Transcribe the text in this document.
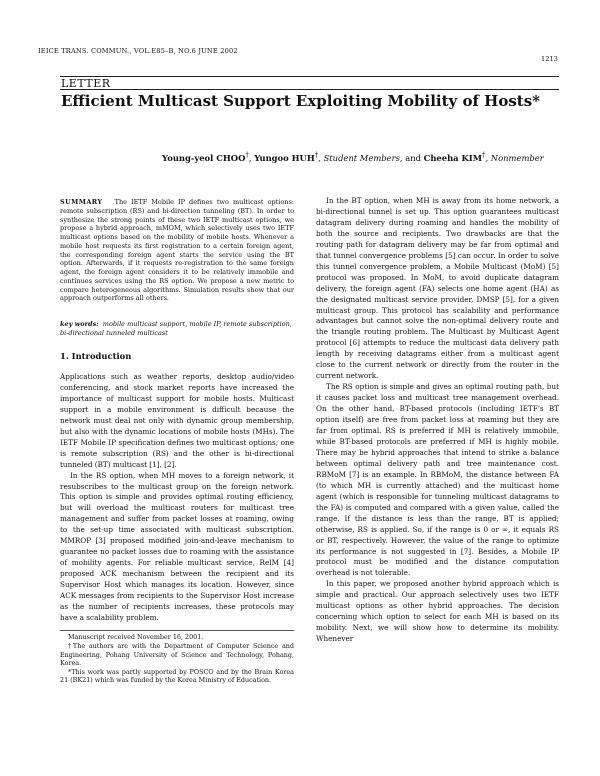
IEICE TRANS. COMMUN., VOL.E85–B, NO.6 JUNE 2002
1213
LETTER
Efficient Multicast Support Exploiting Mobility of Hosts*
Young-yeol CHOO†, Yungoo HUH†, Student Members, and Cheeha KIM†, Nonmember
SUMMARY The IETF Mobile IP defines two multicast options: remote subscription (RS) and bi-direction tunneling (BT). In order to synthesize the strong points of these two IETF multicast options, we propose a hybrid approach, mMOM, which selectively uses two IETF multicast options based on the mobility of mobile hosts. Whenever a mobile host requests its first registration to a certain foreign agent, the corresponding foreign agent starts the service using the BT option. Afterwards, if it requests re-registration to the same foreign agent, the foreign agent considers it to be relatively immobile and continues services using the RS option. We propose a new metric to compare heterogeneous algorithms. Simulation results show that our approach outperforms all others.
key words: mobile multicast support, mobile IP, remote subscription, bi-directional tunneled multicast
1. Introduction

Applications such as weather reports, desktop audio/video conferencing, and stock market reports have increased the importance of multicast support for mobile hosts. Multicast support in a mobile environment is difficult because the network must deal not only with dynamic group membership, but also with the dynamic locations of mobile hosts (MHs). The IETF Mobile IP specification defines two multicast options; one is remote subscription (RS) and the other is bi-directional tunneled (BT) multicast [1], [2].

In the RS option, when MH moves to a foreign network, it resubscribes to the multicast group on the foreign network. This option is simple and provides optimal routing efficiency, but will overload the multicast routers for multicast tree management and suffer from packet losses at roaming, owing to the set-up time associated with multicast subscription. MMROP [3] proposed modified join-and-leave mechanism to guarantee no packet losses due to roaming with the assistance of mobility agents. For reliable multicast service, RelM [4] proposed ACK mechanism between the recipient and its Supervisor Host which manages its location. However, since ACK messages from recipients to the Supervisor Host increase as the number of recipients increases, these protocols may have a scalability problem.

Manuscript received November 16, 2001.

†The authors are with the Department of Computer Science and Engineering, Pohang University of Science and Technology, Pohang, Korea.

*This work was partly supported by POSCO and by the Brain Korea 21 (BK21) which was funded by the Korea Ministry of Education.

In the BT option, when MH is away from its home network, a bi-directional tunnel is set up. This option guarantees multicast datagram delivery during roaming and handles the mobility of both the source and recipients. Two drawbacks are that the routing path for datagram delivery may be far from optimal and that tunnel convergence problems [5] can occur. In order to solve this tunnel convergence problem, a Mobile Multicast (MoM) [5] protocol was proposed. In MoM, to avoid duplicate datagram delivery, the foreign agent (FA) selects one home agent (HA) as the designated multicast service provider, DMSP [5], for a given multicast group. This protocol has scalability and performance advantages but cannot solve the non-optimal delivery route and the triangle routing problem. The Multicast by Multicast Agent protocol [6] attempts to reduce the multicast data delivery path length by receiving datagrams either from a multicast agent close to the current network or directly from the router in the current network.

The RS option is simple and gives an optimal routing path, but it causes packet loss and multicast tree management overhead. On the other hand, BT-based protocols (including IETF's BT option itself) are free from packet loss at roaming but they are far from optimal. RS is preferred if MH is relatively immobile, while BT-based protocols are preferred if MH is highly mobile. There may be hybrid approaches that intend to strike a balance between optimal delivery path and tree maintenance cost. RBMoM [7] is an example. In RBMoM, the distance between FA (to which MH is currently attached) and the multicast home agent (which is responsible for tunneling multicast datagrams to the FA) is computed and compared with a given value, called the range. If the distance is less than the range, BT is applied; otherwise, RS is applied. So, if the range is 0 or ∞, it equals RS or BT, respectively. However, the value of the range to optimize its performance is not suggested in [7]. Besides, a Mobile IP protocol must be modified and the distance computation overhead is not tolerable.

In this paper, we proposed another hybrid approach which is simple and practical. Our approach selectively uses two IETF multicast options as other hybrid approaches. The decision concerning which option to select for each MH is based on its mobility. Next, we will show how to determine its mobility. Whenever
